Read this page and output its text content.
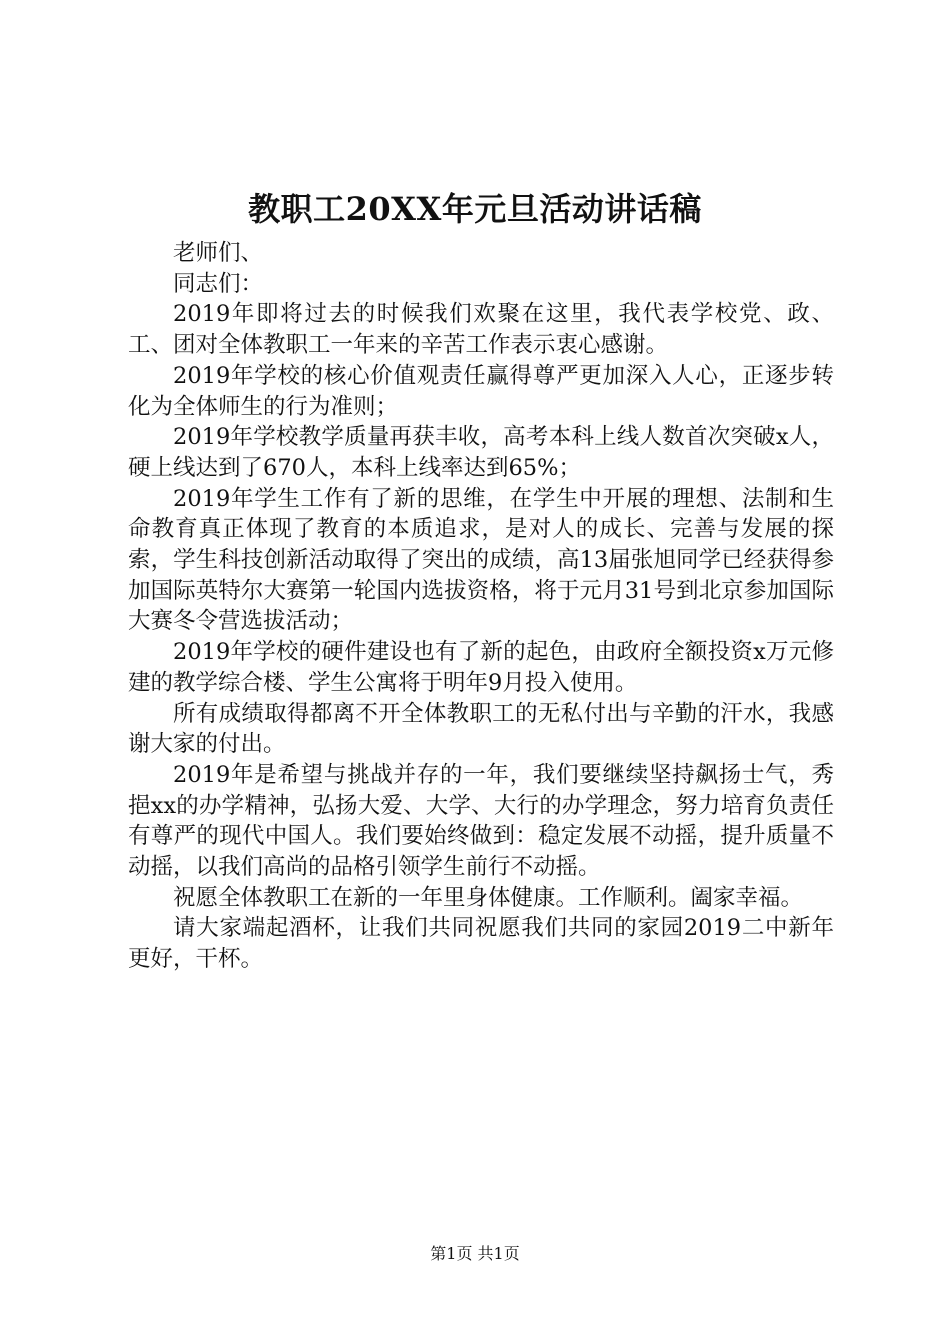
教职工20XX年元旦活动讲话稿

老师们、

同志们：

2019年即将过去的时候我们欢聚在这里，我代表学校党、政、工、团对全体教职工一年来的辛苦工作表示衷心感谢。

2019年学校的核心价值观责任赢得尊严更加深入人心，正逐步转化为全体师生的行为准则；

2019年学校教学质量再获丰收，高考本科上线人数首次突破x人，硬上线达到了670人，本科上线率达到65%；

2019年学生工作有了新的思维，在学生中开展的理想、法制和生命教育真正体现了教育的本质追求，是对人的成长、完善与发展的探索，学生科技创新活动取得了突出的成绩，高13届张旭同学已经获得参加国际英特尔大赛第一轮国内选拔资格，将于元月31号到北京参加国际大赛冬令营选拔活动；

2019年学校的硬件建设也有了新的起色，由政府全额投资x万元修建的教学综合楼、学生公寓将于明年9月投入使用。

所有成绩取得都离不开全体教职工的无私付出与辛勤的汗水，我感谢大家的付出。

2019年是希望与挑战并存的一年，我们要继续坚持飙扬士气，秀挹xx的办学精神，弘扬大爱、大学、大行的办学理念，努力培育负责任有尊严的现代中国人。我们要始终做到：稳定发展不动摇，提升质量不动摇，以我们高尚的品格引领学生前行不动摇。

祝愿全体教职工在新的一年里身体健康。工作顺利。阖家幸福。

请大家端起酒杯，让我们共同祝愿我们共同的家园2019二中新年更好，干杯。

第1页 共1页
